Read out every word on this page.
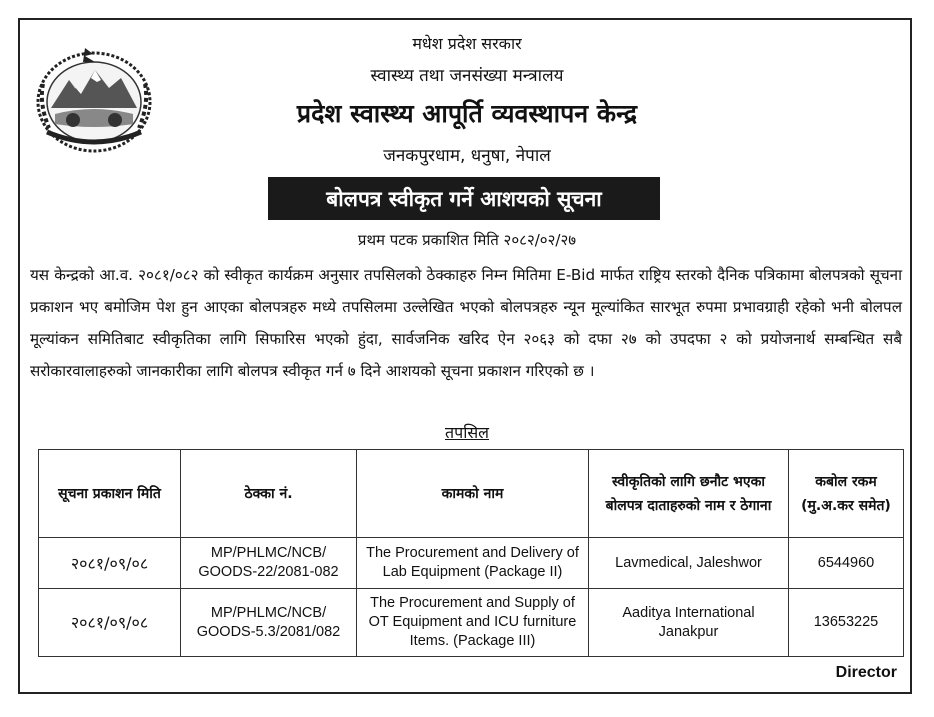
मधेश प्रदेश सरकार
स्वास्थ्य तथा जनसंख्या मन्त्रालय
प्रदेश स्वास्थ्य आपूर्ति व्यवस्थापन केन्द्र
जनकपुरधाम, धनुषा, नेपाल
बोलपत्र स्वीकृत गर्ने आशयको सूचना
प्रथम पटक प्रकाशित मिति २०८२/०२/२७

यस केन्द्रको आ.व. २०८१/०८२ को स्वीकृत कार्यक्रम अनुसार तपसिलको ठेक्काहरु निम्न मितिमा E-Bid मार्फत राष्ट्रिय स्तरको दैनिक पत्रिकामा बोलपत्रको सूचना प्रकाशन भए बमोजिम पेश हुन आएका बोलपत्रहरु मध्ये तपसिलमा उल्लेखित भएको बोलपत्रहरु न्यून मूल्यांकित सारभूत रुपमा प्रभावग्राही रहेको भनी बोलपल मूल्यांकन समितिबाट स्वीकृतिका लागि सिफारिस भएको हुंदा, सार्वजनिक खरिद ऐन २०६३ को दफा २७ को उपदफा २ को प्रयोजनार्थ सम्बन्धित सबै सरोकारवालाहरुको जानकारीका लागि बोलपत्र स्वीकृत गर्न ७ दिने आशयको सूचना प्रकाशन गरिएको छ ।

तपसिल
सूचना प्रकाशन मिति	ठेक्का नं.	कामको नाम	स्वीकृतिको लागि छनौट भएका बोलपत्र दाताहरुको नाम र ठेगाना	कबोल रकम (मु.अ.कर समेत)
२०८१/०९/०८	MP/PHLMC/NCB/ GOODS-22/2081-082	The Procurement and Delivery of Lab Equipment (Package II)	Lavmedical, Jaleshwor	6544960
२०८१/०९/०८	MP/PHLMC/NCB/ GOODS-5.3/2081/082	The Procurement and Supply of OT Equipment and ICU furniture Items. (Package III)	Aaditya International Janakpur	13653225
Director
